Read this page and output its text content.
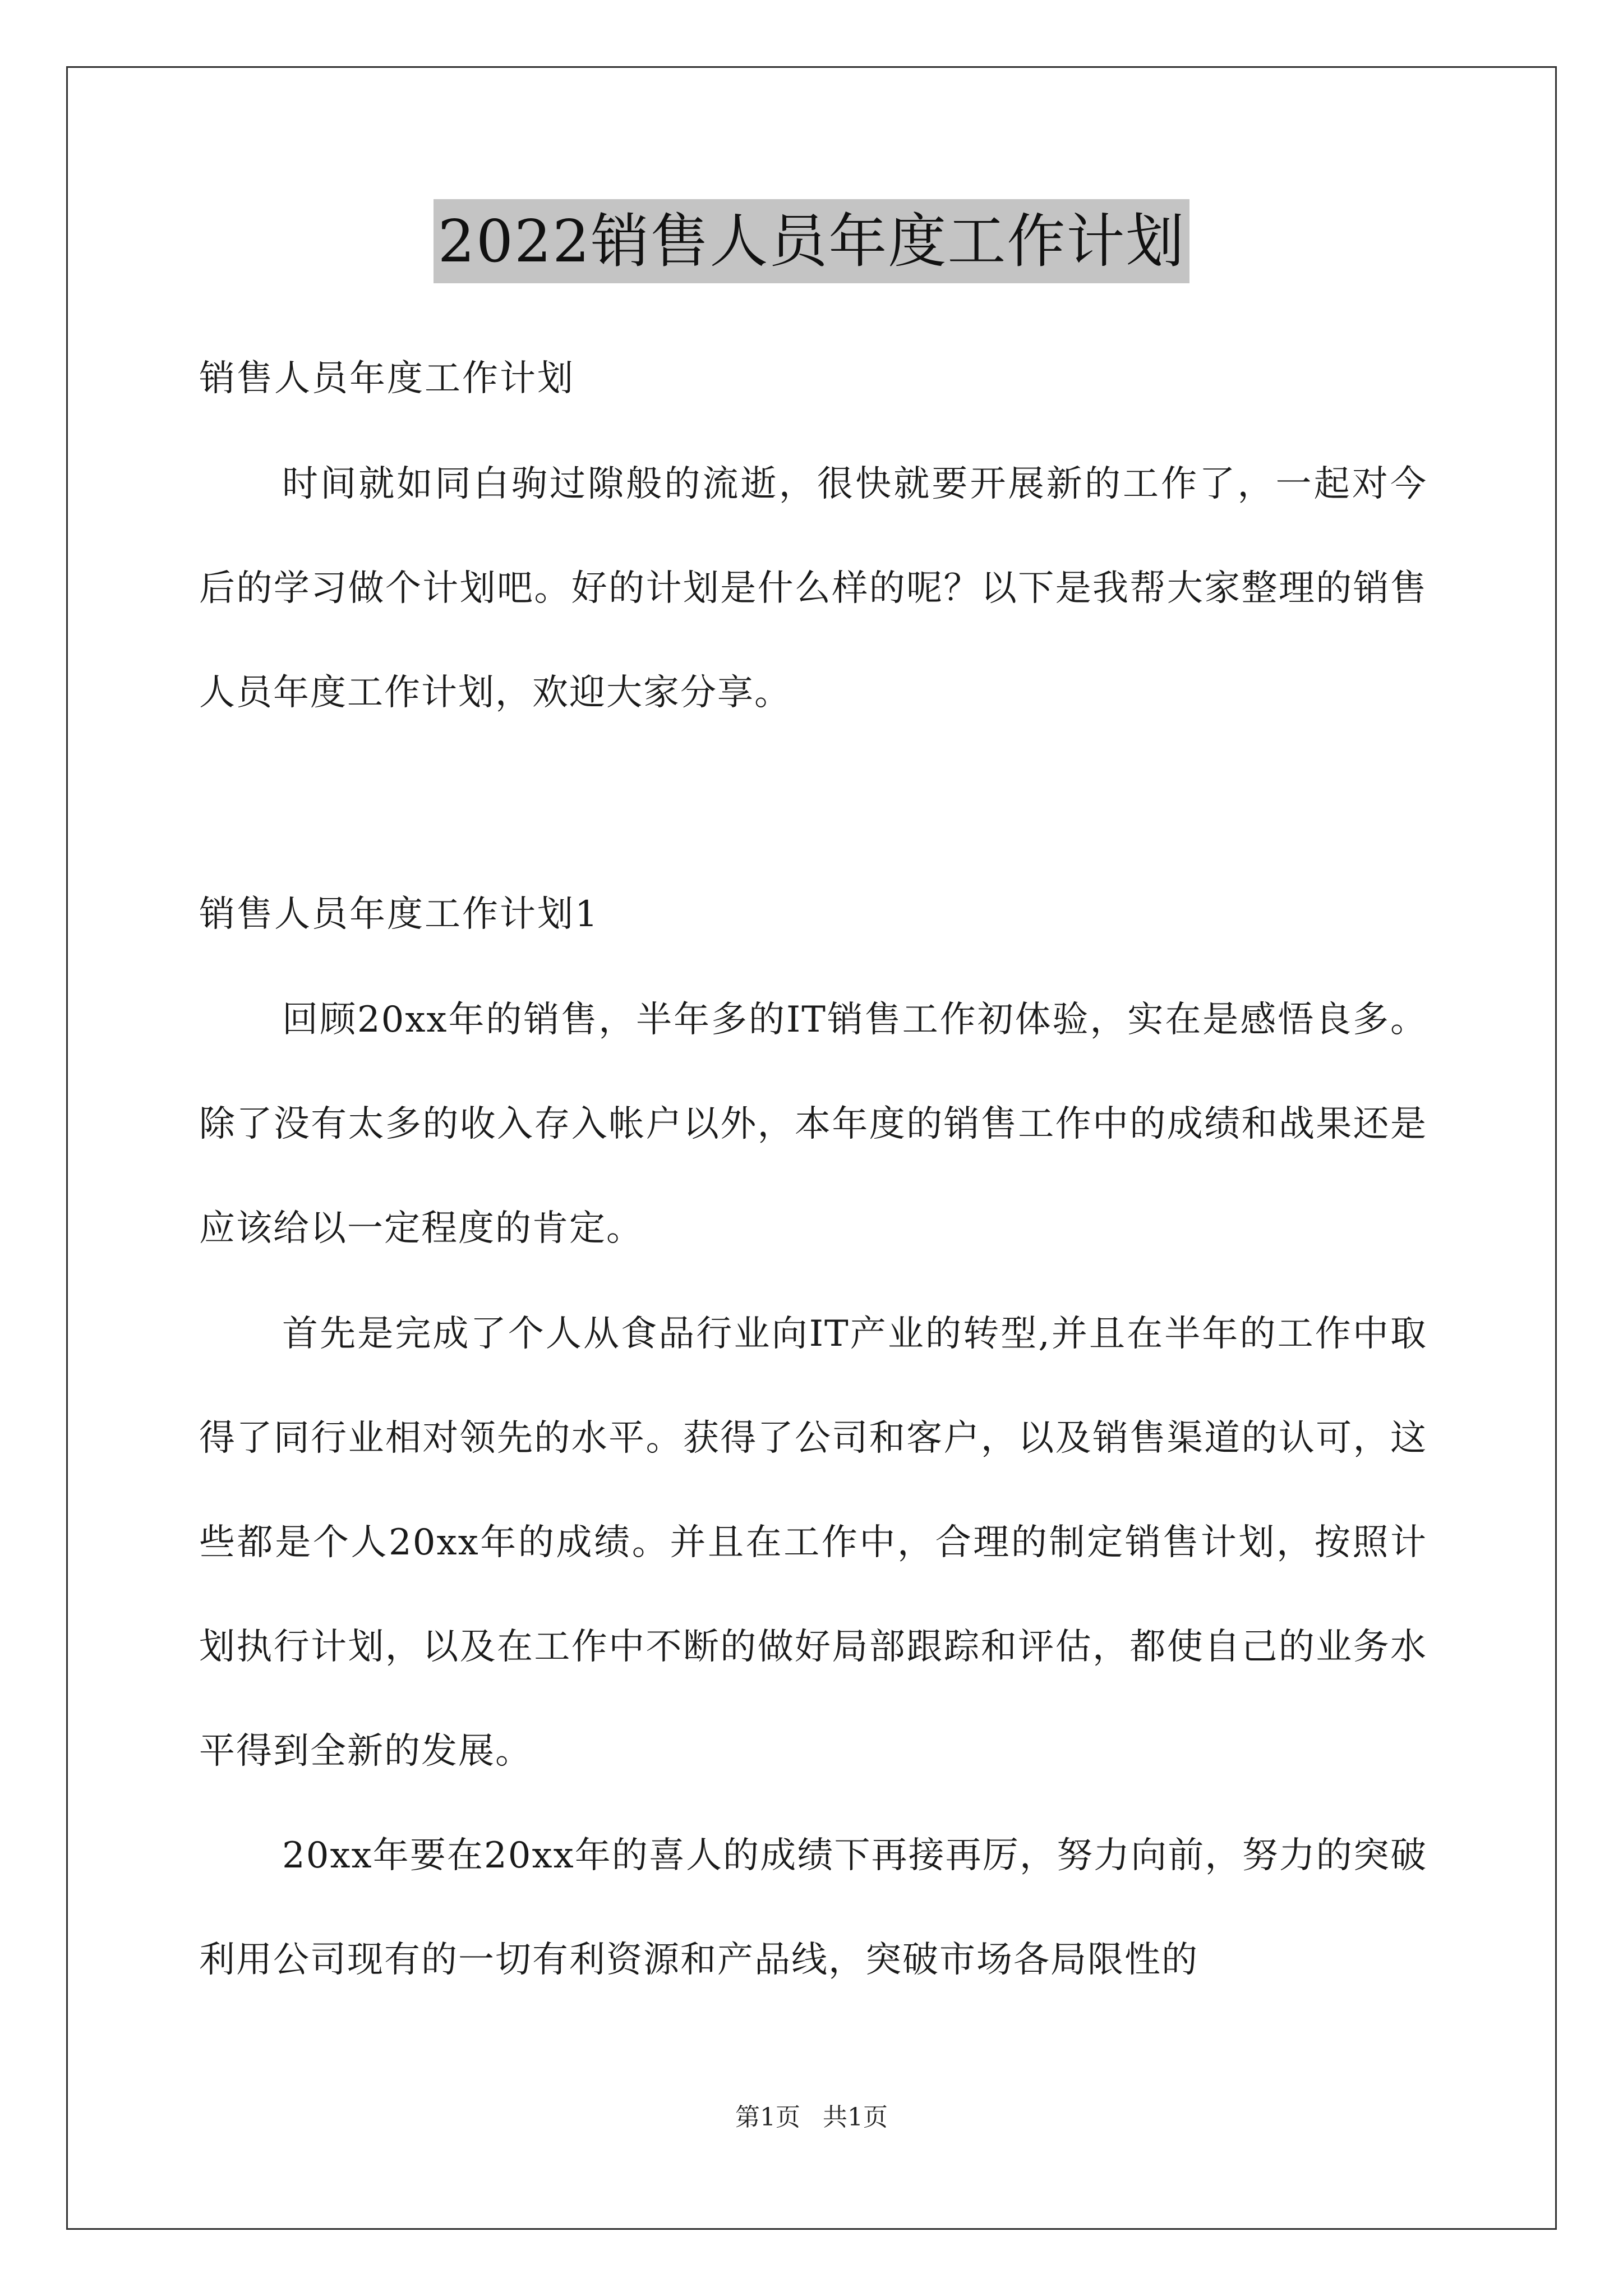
2022销售人员年度工作计划
销售人员年度工作计划

时间就如同白驹过隙般的流逝，很快就要开展新的工作了，一起对今后的学习做个计划吧。好的计划是什么样的呢？以下是我帮大家整理的销售人员年度工作计划，欢迎大家分享。

销售人员年度工作计划1

回顾20xx年的销售，半年多的IT销售工作初体验，实在是感悟良多。除了没有太多的收入存入帐户以外，本年度的销售工作中的成绩和战果还是应该给以一定程度的肯定。

首先是完成了个人从食品行业向IT产业的转型,并且在半年的工作中取得了同行业相对领先的水平。获得了公司和客户，以及销售渠道的认可，这些都是个人20xx年的成绩。并且在工作中，合理的制定销售计划，按照计划执行计划，以及在工作中不断的做好局部跟踪和评估，都使自己的业务水平得到全新的发展。

20xx年要在20xx年的喜人的成绩下再接再厉，努力向前，努力的突破利用公司现有的一切有利资源和产品线，突破市场各局限性的

第1页 共1页
